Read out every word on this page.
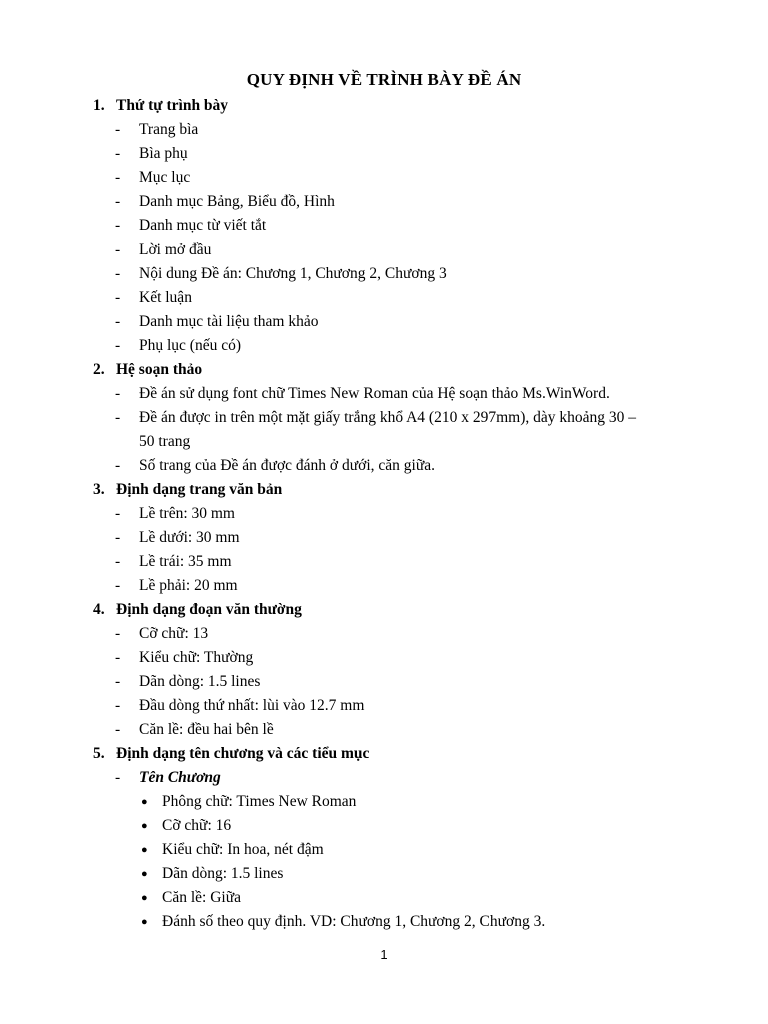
QUY ĐỊNH VỀ TRÌNH BÀY ĐỀ ÁN
1. Thứ tự trình bày
- Trang bìa
- Bìa phụ
- Mục lục
- Danh mục Bảng, Biểu đồ, Hình
- Danh mục từ viết tắt
- Lời mở đầu
- Nội dung Đề án: Chương 1, Chương 2, Chương 3
- Kết luận
- Danh mục tài liệu tham khảo
- Phụ lục (nếu có)
2. Hệ soạn thảo
- Đề án sử dụng font chữ Times New Roman của Hệ soạn thảo Ms.WinWord.
- Đề án được in trên một mặt giấy trắng khổ A4 (210 x 297mm), dày khoảng 30 –
50 trang
- Số trang của Đề án được đánh ở dưới, căn giữa.
3. Định dạng trang văn bản
- Lề trên: 30 mm
- Lề dưới: 30 mm
- Lề trái: 35 mm
- Lề phải: 20 mm
4. Định dạng đoạn văn thường
- Cỡ chữ: 13
- Kiểu chữ: Thường
- Dãn dòng: 1.5 lines
- Đầu dòng thứ nhất: lùi vào 12.7 mm
- Căn lề: đều hai bên lề
5. Định dạng tên chương và các tiểu mục
- Tên Chương
● Phông chữ: Times New Roman
● Cỡ chữ: 16
● Kiểu chữ: In hoa, nét đậm
● Dãn dòng: 1.5 lines
● Căn lề: Giữa
● Đánh số theo quy định. VD: Chương 1, Chương 2, Chương 3.
1
